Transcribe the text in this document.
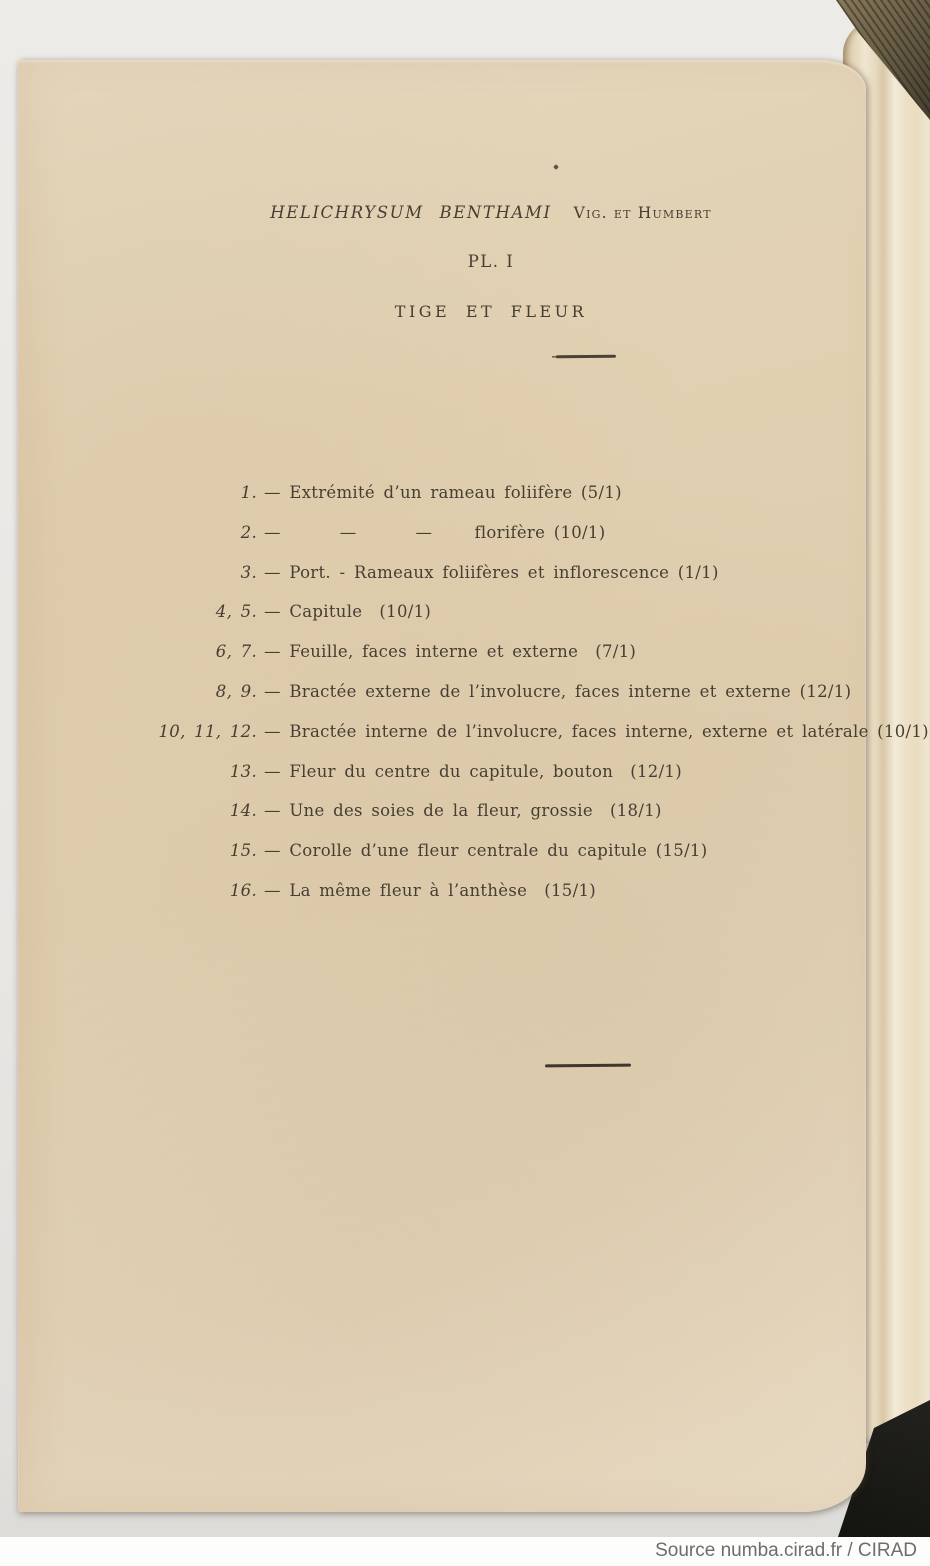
HELICHRYSUM BENTHAMI Vig. et Humbert
PL. I
TIGE ET FLEUR
1. — Extrémité d’un rameau foliifère (5/1)
2. —    —    —   florifère (10/1)
3. — Port. - Rameaux foliifères et inflorescence (1/1)
4, 5. — Capitule  (10/1)
6, 7. — Feuille, faces interne et externe  (7/1)
8, 9. — Bractée externe de l’involucre, faces interne et externe (12/1)
10, 11, 12. — Bractée interne de l’involucre, faces interne, externe et latérale (10/1)
13. — Fleur du centre du capitule, bouton  (12/1)
14. — Une des soies de la fleur, grossie  (18/1)
15. — Corolle d’une fleur centrale du capitule (15/1)
16. — La même fleur à l’anthèse  (15/1)
Source numba.cirad.fr / CIRAD
